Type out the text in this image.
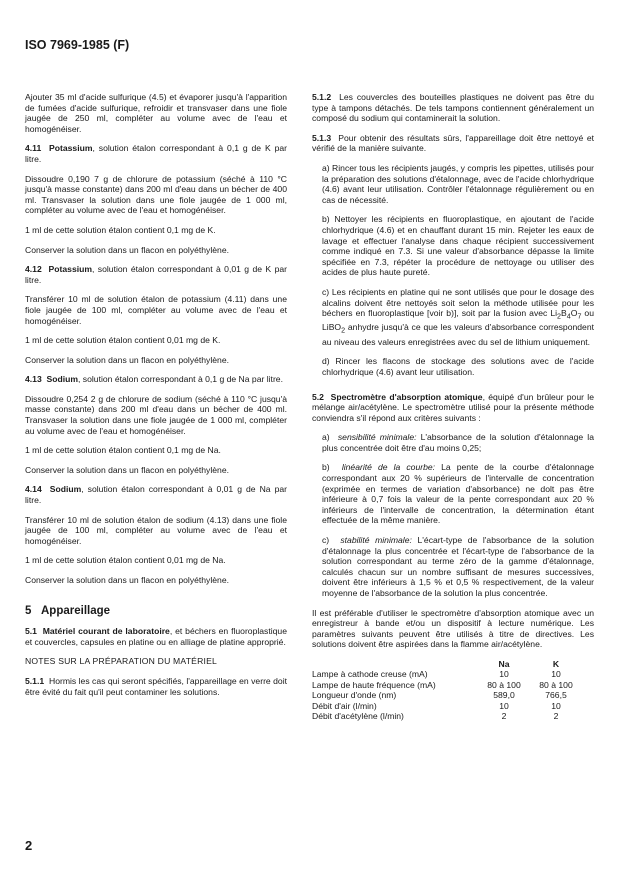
ISO 7969-1985 (F)

Ajouter 35 ml d'acide sulfurique (4.5) et évaporer jusqu'à l'apparition de fumées d'acide sulfurique, refroidir et transvaser dans une fiole jaugée de 250 ml, compléter au volume avec de l'eau et homogénéiser.

4.11 Potassium, solution étalon correspondant à 0,1 g de K par litre.

Dissoudre 0,190 7 g de chlorure de potassium (séché à 110 °C jusqu'à masse constante) dans 200 ml d'eau dans un bécher de 400 ml. Transvaser la solution dans une fiole jaugée de 1 000 ml, compléter au volume avec de l'eau et homogénéiser.

1 ml de cette solution étalon contient 0,1 mg de K.

Conserver la solution dans un flacon en polyéthylène.

4.12 Potassium, solution étalon correspondant à 0,01 g de K par litre.

Transférer 10 ml de solution étalon de potassium (4.11) dans une fiole jaugée de 100 ml, compléter au volume avec de l'eau et homogénéiser.

1 ml de cette solution étalon contient 0,01 mg de K.

Conserver la solution dans un flacon en polyéthylène.

4.13 Sodium, solution étalon correspondant à 0,1 g de Na par litre.

Dissoudre 0,254 2 g de chlorure de sodium (séché à 110 °C jusqu'à masse constante) dans 200 ml d'eau dans un bécher de 400 ml. Transvaser la solution dans une fiole jaugée de 1 000 ml, compléter au volume avec de l'eau et homogénéiser.

1 ml de cette solution étalon contient 0,1 mg de Na.

Conserver la solution dans un flacon en polyéthylène.

4.14 Sodium, solution étalon correspondant à 0,01 g de Na par litre.

Transférer 10 ml de solution étalon de sodium (4.13) dans une fiole jaugée de 100 ml, compléter au volume avec de l'eau et homogénéiser.

1 ml de cette solution étalon contient 0,01 mg de Na.

Conserver la solution dans un flacon en polyéthylène.

5 Appareillage

5.1 Matériel courant de laboratoire, et béchers en fluoroplastique et couvercles, capsules en platine ou en alliage de platine approprié.

NOTES SUR LA PRÉPARATION DU MATÉRIEL

5.1.1 Hormis les cas qui seront spécifiés, l'appareillage en verre doit être évité du fait qu'il peut contaminer les solutions.

5.1.2 Les couvercles des bouteilles plastiques ne doivent pas être du type à tampons détachés. De tels tampons contiennent généralement un composé du sodium qui contaminerait la solution.

5.1.3 Pour obtenir des résultats sûrs, l'appareillage doit être nettoyé et vérifié de la manière suivante.

a) Rincer tous les récipients jaugés, y compris les pipettes, utilisés pour la préparation des solutions d'étalonnage, avec de l'acide chlorhydrique (4.6) avant leur utilisation. Contrôler l'étalonnage régulièrement ou en cas de nécessité.

b) Nettoyer les récipients en fluoroplastique, en ajoutant de l'acide chlorhydrique (4.6) et en chauffant durant 15 min. Rejeter les eaux de lavage et effectuer l'analyse dans chaque récipient successivement comme indiqué en 7.3. Si une valeur d'absorbance dépasse la limite spécifiée en 7.3, répéter la procédure de nettoyage ou utiliser des acides de plus haute pureté.

c) Les récipients en platine qui ne sont utilisés que pour le dosage des alcalins doivent être nettoyés soit selon la méthode utilisée pour les béchers en fluoroplastique [voir b)], soit par la fusion avec $Li_2B_4O_7$ ou LiBO$_2$ anhydre jusqu'à ce que les valeurs d'absorbance correspondent au niveau des valeurs enregistrées avec du sel de lithium uniquement.

d) Rincer les flacons de stockage des solutions avec de l'acide chlorhydrique (4.6) avant leur utilisation.

5.2 Spectromètre d'absorption atomique, équipé d'un brûleur pour le mélange air/acétylène. Le spectromètre utilisé pour la présente méthode conviendra s'il répond aux critères suivants :

a) sensibilité minimale: L'absorbance de la solution d'étalonnage la plus concentrée doit être d'au moins 0,25;

b) linéarité de la courbe: La pente de la courbe d'étalonnage correspondant aux 20 % supérieurs de l'intervalle de concentration (exprimée en termes de variation d'absorbance) ne dolt pas être inférieure à 0,7 fois la valeur de la pente correspondant aux 20 % inférieurs de l'intervalle de concentration, la détermination étant effectuée de la même manière.

c) stabilité minimale: L'écart-type de l'absorbance de la solution d'étalonnage la plus concentrée et l'écart-type de l'absorbance de la solution correspondant au terme zéro de la gamme d'étalonnage, calculés chacun sur un nombre suffisant de mesures successives, doivent être inférieurs à 1,5 % et 0,5 % respectivement, de la valeur moyenne de l'absorbance de la solution la plus concentrée.

Il est préférable d'utiliser le spectromètre d'absorption atomique avec un enregistreur à bande et/ou un dispositif à lecture numérique. Les paramètres suivants peuvent être utilisés à titre de directives. Les solutions doivent être aspirées dans la flamme air/acétylène.

	Na	K
Lampe à cathode creuse (mA)	10	10
Lampe de haute fréquence (mA)	80 à 100	80 à 100
Longueur d'onde (nm)	589,0	766,5
Débit d'air (l/min)	10	10
Débit d'acétylène (l/min)	2	2
2
